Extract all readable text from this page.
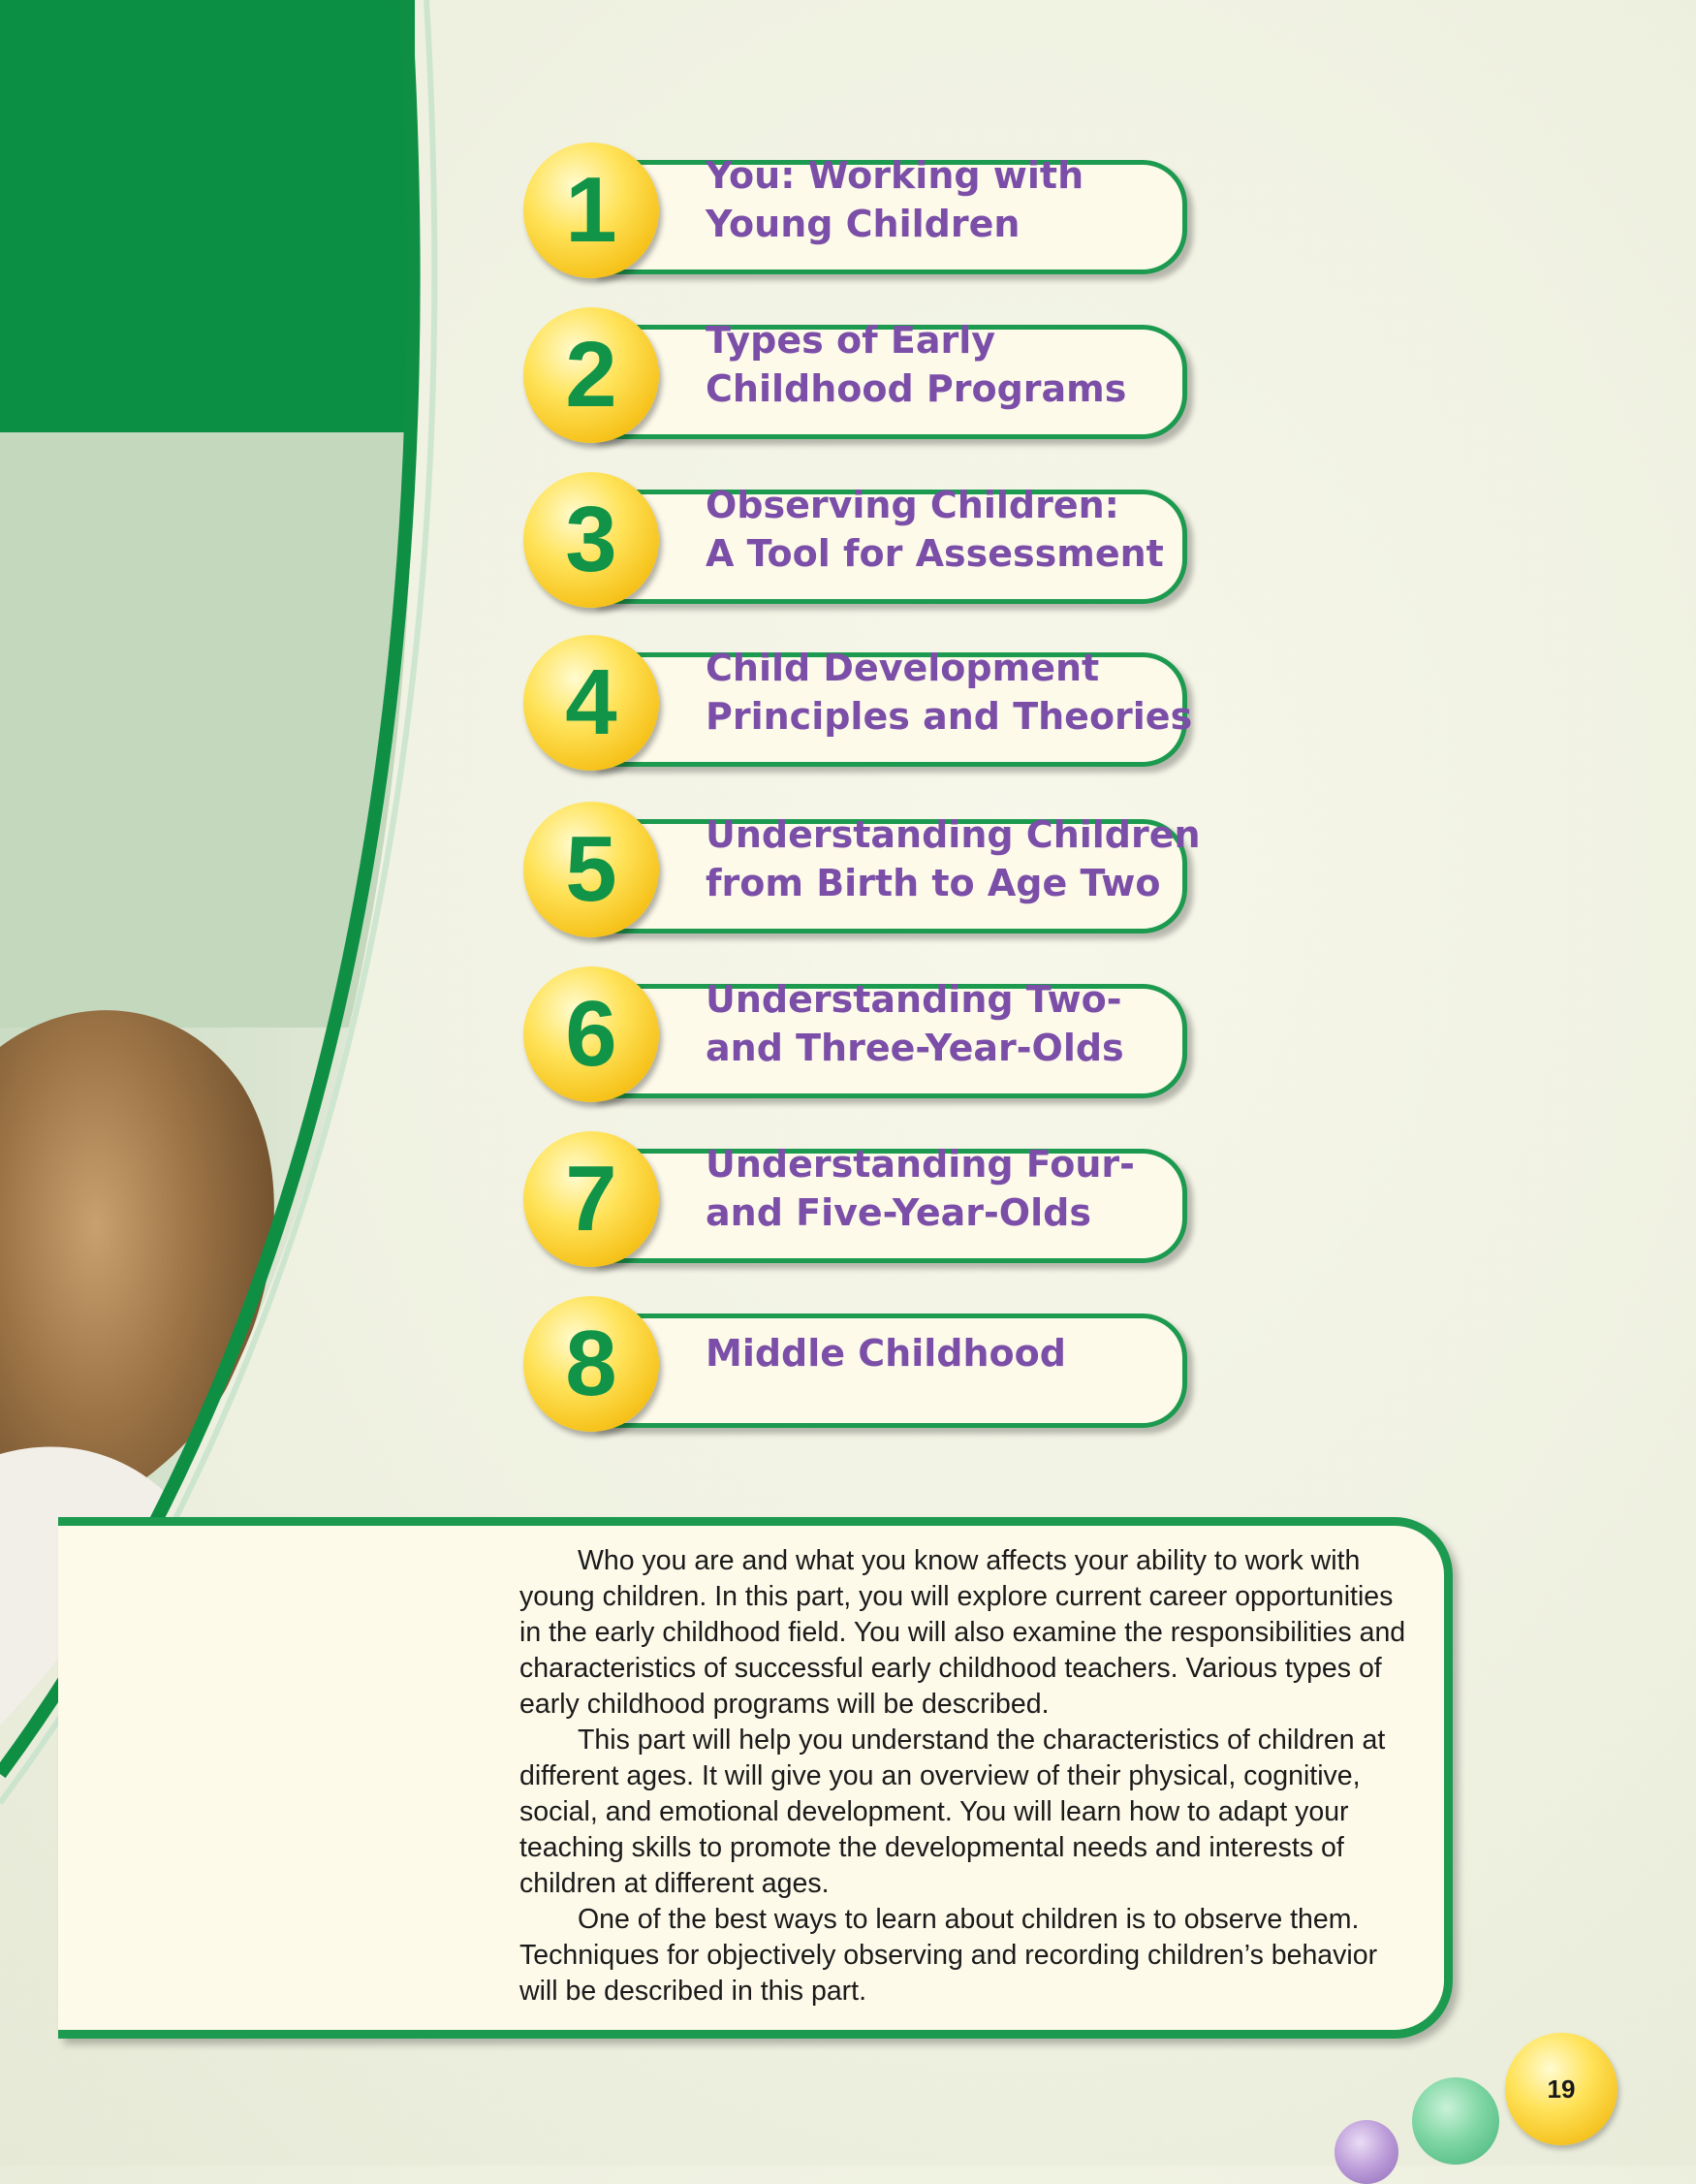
You: Working with
Young Children
1
Types of Early
Childhood Programs
2
Observing Children:
A Tool for Assessment
3
Child Development
Principles and Theories
4
Understanding Children
from Birth to Age Two
5
Understanding Two-
and Three-Year-Olds
6
Understanding Four-
and Five-Year-Olds
7
Middle Childhood
8

Who you are and what you know affects your ability to work with young children. In this part, you will explore current career opportunities in the early childhood field. You will also examine the responsibilities and characteristics of successful early childhood teachers. Various types of early childhood programs will be described.

This part will help you understand the characteristics of children at different ages. It will give you an overview of their physical, cognitive, social, and emotional development. You will learn how to adapt your teaching skills to promote the developmental needs and interests of children at different ages.

One of the best ways to learn about children is to observe them. Techniques for objectively observing and recording children’s behavior will be described in this part.

19
